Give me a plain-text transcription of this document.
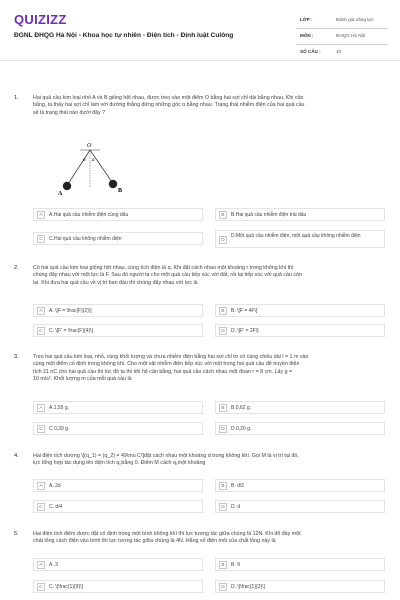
QUIZIZZ
ĐGNL ĐHQG Hà Nội - Khoa học tự nhiên - Điện tích - Định luật Culông
LỚP :	Đánh giá năng lực
MÔN :	ĐHQG Hà Nội
SỐ CÂU :	10
1.	Hai quả cầu kim loại nhỏ A và B giống hệt nhau, được treo vào một điểm O bằng hai sợi chỉ dài bằng nhau. Khi cân
bằng, ta thấy hai sợi chỉ làm với đường thẳng đứng những góc α bằng nhau. Trạng thái nhiễm điện của hai quả cầu
sẽ là trạng thái nào dưới đây ?
O
α α
A	B
A	A.Hai quả cầu nhiễm điện cùng dấu	B	B.Hai quả cầu nhiễm điện trái dấu
C	C.Hai quả cầu không nhiễm điện	D
D.Một quả cầu nhiễm điện, một quả cầu không nhiễm điện
2.	Có hai quả cầu kim loại giống hệt nhau, cùng tích điện là q. Khi đặt cách nhau một khoảng r trong không khí thì
chúng đẩy nhau với một lực là F. Sau đó người ta cho một quả cầu tiếp xúc với đất, rồi lại tiếp xúc với quả cầu còn
lại. Khi đưa hai quả cầu về vị trí ban đầu thì chúng đẩy nhau với lực là
A	A. \[F = \frac{F}{2}\]	B	B. \[F = 4F\]
C	C. \[F' = \frac{F}{4}\]	D	D. \[F' = 2F\]
3.	Treo hai quả cầu kim loại, nhỏ, cùng khối lượng và chưa nhiễm điện bằng hai sợi chỉ tơ có cùng chiều dài l = 1 m vào
cùng một điểm cố định trong không khí. Cho một vật nhiễm điện tiếp xúc với một trong hai quả cầu để truyền điện
tích 21 nC cho hai quả cầu thì lúc đó ta thì khi hệ cân bằng, hai quả cầu cách nhau một đoạn r = 8 cm. Lấy g =
10 m/s². Khối lượng m của mỗi quả cầu là
A	A.1,55 g.	B	B.0,62 g.
C	C.0,39 g.	D	D.0,20 g.
4.	Hai điện tích dương \[(q_1) = (q_2) = 49\mu C\]đặt cách nhau một khoảng d trong không khí. Gọi M là vị trí tại đó,
lực tổng hợp tác dụng lên điện tích q₀bằng 0. Điểm M cách q₁một khoảng
A	A. 2d	B	B. d/2
C	C. d/4	D	D. d
5.	Hai điện tích điểm được đặt cố định trong một bình không khí thì lực tương tác giữa chúng là 12N. Khi đổ đầy một
chất lỏng cách điện vào bình thì lực tương tác giữa chúng là 4N. Hằng số điện môi của chất lỏng này là
A	A. 3	B	B. 9
C	C. \[\frac{1}{9}\]	D	D. \[\frac{1}{3}\]
